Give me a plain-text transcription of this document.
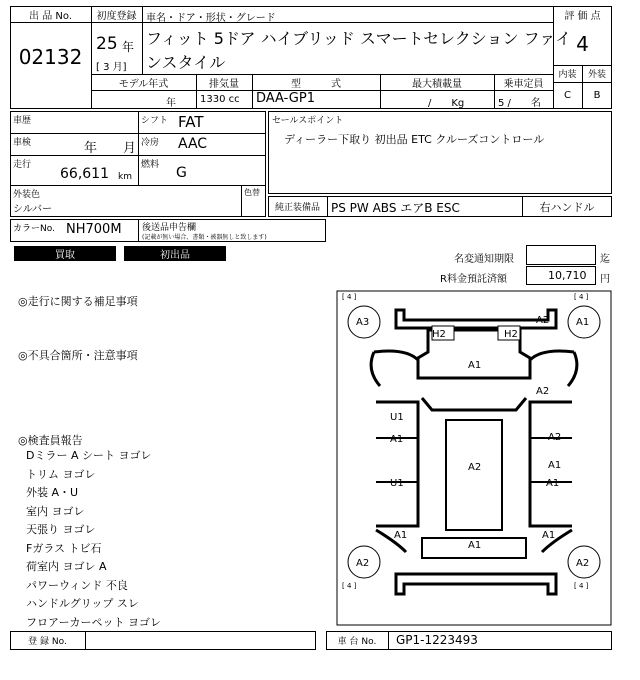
出 品 No.
02132
初度登録
25 年
[ 3 月]
車名・ドア・形状・グレード
フィット 5ドア ハイブリッド スマートセレクション ファイ
ンスタイル
評 価 点
4
内装	外装
C	B
モデル年式	排気量	型　　　式	最大積載量	乗車定員
年 1330 cc DAA-GP1	/　　Kg	5 /　　名
車歴
車検	年　　月
走行
66,611 km
シフト FAT
冷房 AAC
燃料 G
外装色
シルバー
色替
セールスポイント
ディーラー下取り 初出品 ETC クルーズコントロール
純正装備品 PS PW ABS エアB ESC	右ハンドル
カラーNo. NH700M 後送品申告欄
(記載が無い場合、書類・被器無しと致します)
買取	初出品	名変通知期限	迄
R料金預託済額	10,710 円
◎走行に関する補足事項
◎不具合箇所・注意事項
◎検査員報告
Dミラー A シート ヨゴレ
トリム ヨゴレ
外装 A・U
室内 ヨゴレ
天張り ヨゴレ
Fガラス トビ石
荷室内 ヨゴレ A
パワーウィンド 不良
ハンドルグリップ スレ
フロアーカーペット ヨゴレ
[ 4 ]	[ 4 ]
[ 4 ]	[ 4 ]
A3	A2	A1
H2	H2
A1
A2
U1
A1	A2
A1
U1
A2
A1
A1	A1
A2	A2
A1
登 録 No.	車 台 No.	GP1-1223493
